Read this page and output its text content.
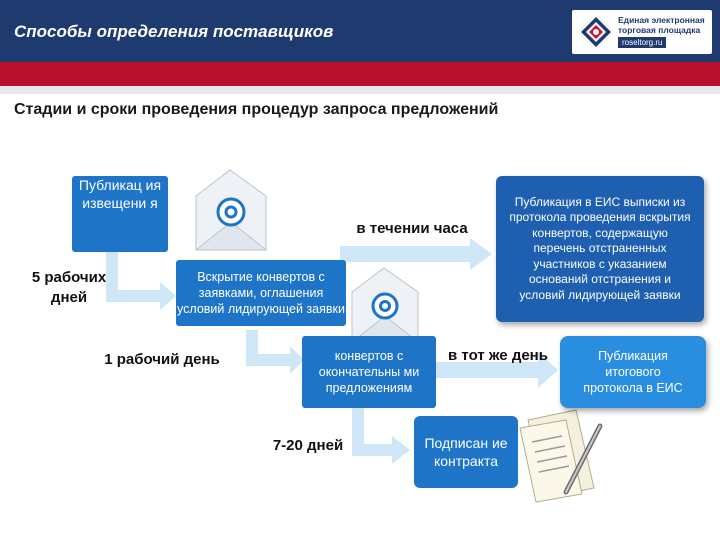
Способы определения поставщиков
Единая электронная
торговая площадка
roseltorg.ru
Стадии и сроки проведения процедур запроса предложений
Публикац ия извещени я
5 рабочих дней
Вскрытие конвертов с заявками, оглашения условий лидирующей заявки
1 рабочий день
в течении часа
Публикация в ЕИС выписки из протокола проведения вскрытия конвертов, содержащую перечень отстраненных участников с указанием оснований отстранения и условий лидирующей заявки
конвертов с окончательны ми предложениям
в тот же день	Публикация итогового протокола в ЕИС
7-20 дней	Подписан ие контракта
